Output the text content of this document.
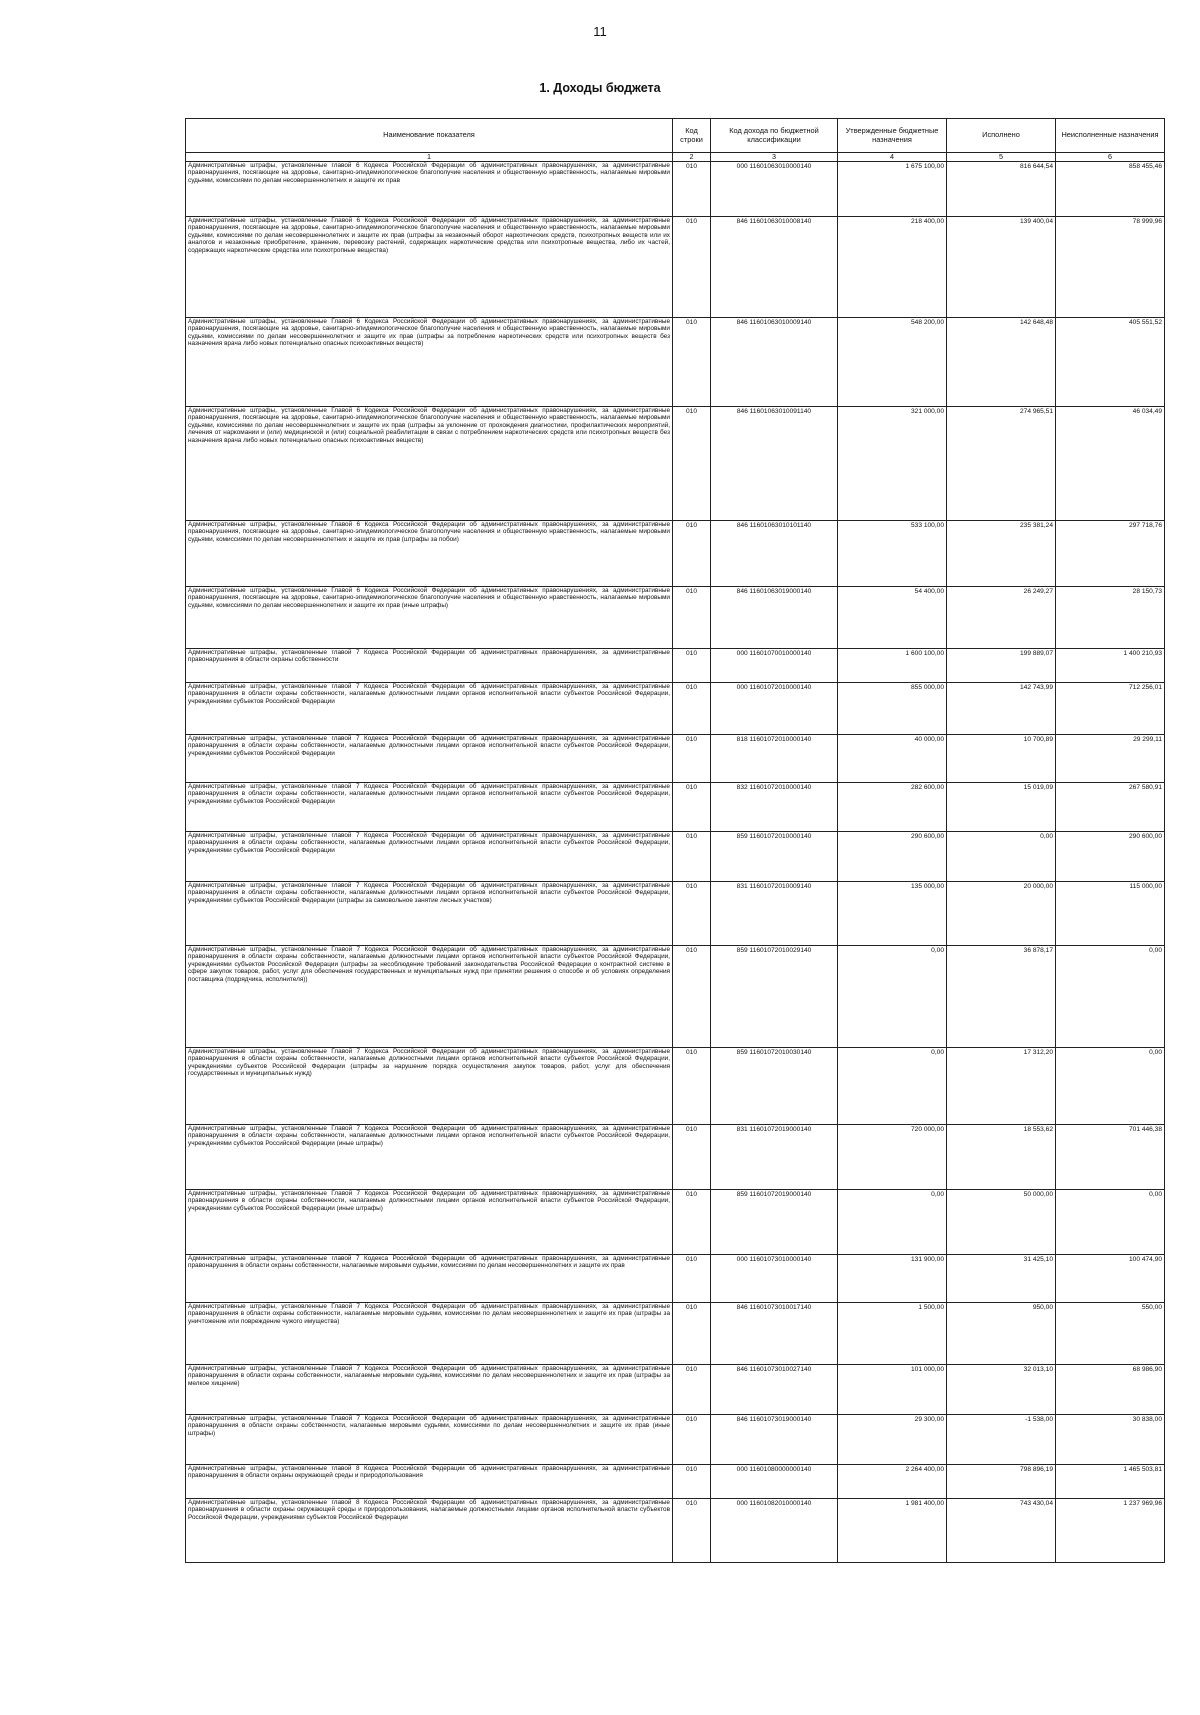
11
1. Доходы бюджета
Наименование показателя	Код строки	Код дохода по бюджетной классификации	Утвержденные бюджетные назначения	Исполнено	Неисполненные назначения
1	2	3	4	5	6
Административные штрафы, установленные главой 6 Кодекса Российской Федерации об административных правонарушениях, за административные правонарушения, посягающие на здоровье, санитарно-эпидемиологическое благополучие населения и общественную нравственность, налагаемые мировыми судьями, комиссиями по делам несовершеннолетних и защите их прав	010	000 11601063010000140	1 675 100,00	816 644,54	858 455,46
Административные штрафы, установленные Главой 6 Кодекса Российской Федерации об административных правонарушениях, за административные правонарушения, посягающие на здоровье, санитарно-эпидемиологическое благополучие населения и общественную нравственность, налагаемые мировыми судьями, комиссиями по делам несовершеннолетних и защите их прав (штрафы за незаконный оборот наркотических средств, психотропных веществ или их аналогов и незаконные приобретение, хранение, перевозку растений, содержащих наркотические средства или психотропные вещества, либо их частей, содержащих наркотические средства или психотропные вещества)	010	846 11601063010008140	218 400,00	139 400,04	78 999,96
Административные штрафы, установленные Главой 6 Кодекса Российской Федерации об административных правонарушениях, за административные правонарушения, посягающие на здоровье, санитарно-эпидемиологическое благополучие населения и общественную нравственность, налагаемые мировыми судьями, комиссиями по делам несовершеннолетних и защите их прав (штрафы за потребление наркотических средств или психотропных веществ без назначения врача либо новых потенциально опасных психоактивных веществ)	010	846 11601063010009140	548 200,00	142 648,48	405 551,52
Административные штрафы, установленные Главой 6 Кодекса Российской Федерации об административных правонарушениях, за административные правонарушения, посягающие на здоровье, санитарно-эпидемиологическое благополучие населения и общественную нравственность, налагаемые мировыми судьями, комиссиями по делам несовершеннолетних и защите их прав (штрафы за уклонение от прохождения диагностики, профилактических мероприятий, лечения от наркомании и (или) медицинской и (или) социальной реабилитации в связи с потреблением наркотических средств или психотропных веществ без назначения врача либо новых потенциально опасных психоактивных веществ)	010	846 11601063010091140	321 000,00	274 965,51	46 034,49
Административные штрафы, установленные Главой 6 Кодекса Российской Федерации об административных правонарушениях, за административные правонарушения, посягающие на здоровье, санитарно-эпидемиологическое благополучие населения и общественную нравственность, налагаемые мировыми судьями, комиссиями по делам несовершеннолетних и защите их прав (штрафы за побои)	010	846 11601063010101140	533 100,00	235 381,24	297 718,76
Административные штрафы, установленные Главой 6 Кодекса Российской Федерации об административных правонарушениях, за административные правонарушения, посягающие на здоровье, санитарно-эпидемиологическое благополучие населения и общественную нравственность, налагаемые мировыми судьями, комиссиями по делам несовершеннолетних и защите их прав (иные штрафы)	010	846 11601063019000140	54 400,00	26 249,27	28 150,73
Административные штрафы, установленные главой 7 Кодекса Российской Федерации об административных правонарушениях, за административные правонарушения в области охраны собственности	010	000 11601070010000140	1 600 100,00	199 889,07	1 400 210,93
Административные штрафы, установленные главой 7 Кодекса Российской Федерации об административных правонарушениях, за административные правонарушения в области охраны собственности, налагаемые должностными лицами органов исполнительной власти субъектов Российской Федерации, учреждениями субъектов Российской Федерации	010	000 11601072010000140	855 000,00	142 743,99	712 256,01
Административные штрафы, установленные главой 7 Кодекса Российской Федерации об административных правонарушениях, за административные правонарушения в области охраны собственности, налагаемые должностными лицами органов исполнительной власти субъектов Российской Федерации, учреждениями субъектов Российской Федерации	010	818 11601072010000140	40 000,00	10 700,89	29 299,11
Административные штрафы, установленные главой 7 Кодекса Российской Федерации об административных правонарушениях, за административные правонарушения в области охраны собственности, налагаемые должностными лицами органов исполнительной власти субъектов Российской Федерации, учреждениями субъектов Российской Федерации	010	832 11601072010000140	282 600,00	15 019,09	267 580,91
Административные штрафы, установленные главой 7 Кодекса Российской Федерации об административных правонарушениях, за административные правонарушения в области охраны собственности, налагаемые должностными лицами органов исполнительной власти субъектов Российской Федерации, учреждениями субъектов Российской Федерации	010	859 11601072010000140	290 600,00	0,00	290 600,00
Административные штрафы, установленные главой 7 Кодекса Российской Федерации об административных правонарушениях, за административные правонарушения в области охраны собственности, налагаемые должностными лицами органов исполнительной власти субъектов Российской Федерации, учреждениями субъектов Российской Федерации (штрафы за самовольное занятие лесных участков)	010	831 11601072010009140	135 000,00	20 000,00	115 000,00
Административные штрафы, установленные Главой 7 Кодекса Российской Федерации об административных правонарушениях, за административные правонарушения в области охраны собственности, налагаемые должностными лицами органов исполнительной власти субъектов Российской Федерации, учреждениями субъектов Российской Федерации (штрафы за несоблюдение требований законодательства Российской Федерации о контрактной системе в сфере закупок товаров, работ, услуг для обеспечения государственных и муниципальных нужд при принятии решения о способе и об условиях определения поставщика (подрядчика, исполнителя))	010	859 11601072010029140	0,00	36 878,17	0,00
Административные штрафы, установленные Главой 7 Кодекса Российской Федерации об административных правонарушениях, за административные правонарушения в области охраны собственности, налагаемые должностными лицами органов исполнительной власти субъектов Российской Федерации, учреждениями субъектов Российской Федерации (штрафы за нарушение порядка осуществления закупок товаров, работ, услуг для обеспечения государственных и муниципальных нужд)	010	859 11601072010030140	0,00	17 312,20	0,00
Административные штрафы, установленные Главой 7 Кодекса Российской Федерации об административных правонарушениях, за административные правонарушения в области охраны собственности, налагаемые должностными лицами органов исполнительной власти субъектов Российской Федерации, учреждениями субъектов Российской Федерации (иные штрафы)	010	831 11601072019000140	720 000,00	18 553,62	701 446,38
Административные штрафы, установленные Главой 7 Кодекса Российской Федерации об административных правонарушениях, за административные правонарушения в области охраны собственности, налагаемые должностными лицами органов исполнительной власти субъектов Российской Федерации, учреждениями субъектов Российской Федерации (иные штрафы)	010	859 11601072019000140	0,00	50 000,00	0,00
Административные штрафы, установленные главой 7 Кодекса Российской Федерации об административных правонарушениях, за административные правонарушения в области охраны собственности, налагаемые мировыми судьями, комиссиями по делам несовершеннолетних и защите их прав	010	000 11601073010000140	131 900,00	31 425,10	100 474,90
Административные штрафы, установленные Главой 7 Кодекса Российской Федерации об административных правонарушениях, за административные правонарушения в области охраны собственности, налагаемые мировыми судьями, комиссиями по делам несовершеннолетних и защите их прав (штрафы за уничтожение или повреждение чужого имущества)	010	846 11601073010017140	1 500,00	950,00	550,00
Административные штрафы, установленные Главой 7 Кодекса Российской Федерации об административных правонарушениях, за административные правонарушения в области охраны собственности, налагаемые мировыми судьями, комиссиями по делам несовершеннолетних и защите их прав (штрафы за мелкое хищение)	010	846 11601073010027140	101 000,00	32 013,10	68 986,90
Административные штрафы, установленные Главой 7 Кодекса Российской Федерации об административных правонарушениях, за административные правонарушения в области охраны собственности, налагаемые мировыми судьями, комиссиями по делам несовершеннолетних и защите их прав (иные штрафы)	010	846 11601073019000140	29 300,00	-1 538,00	30 838,00
Административные штрафы, установленные главой 8 Кодекса Российской Федерации об административных правонарушениях, за административные правонарушения в области охраны окружающей среды и природопользования	010	000 11601080000000140	2 264 400,00	798 896,19	1 465 503,81
Административные штрафы, установленные главой 8 Кодекса Российской Федерации об административных правонарушениях, за административные правонарушения в области охраны окружающей среды и природопользования, налагаемые должностными лицами органов исполнительной власти субъектов Российской Федерации, учреждениями субъектов Российской Федерации	010	000 11601082010000140	1 981 400,00	743 430,04	1 237 969,96
